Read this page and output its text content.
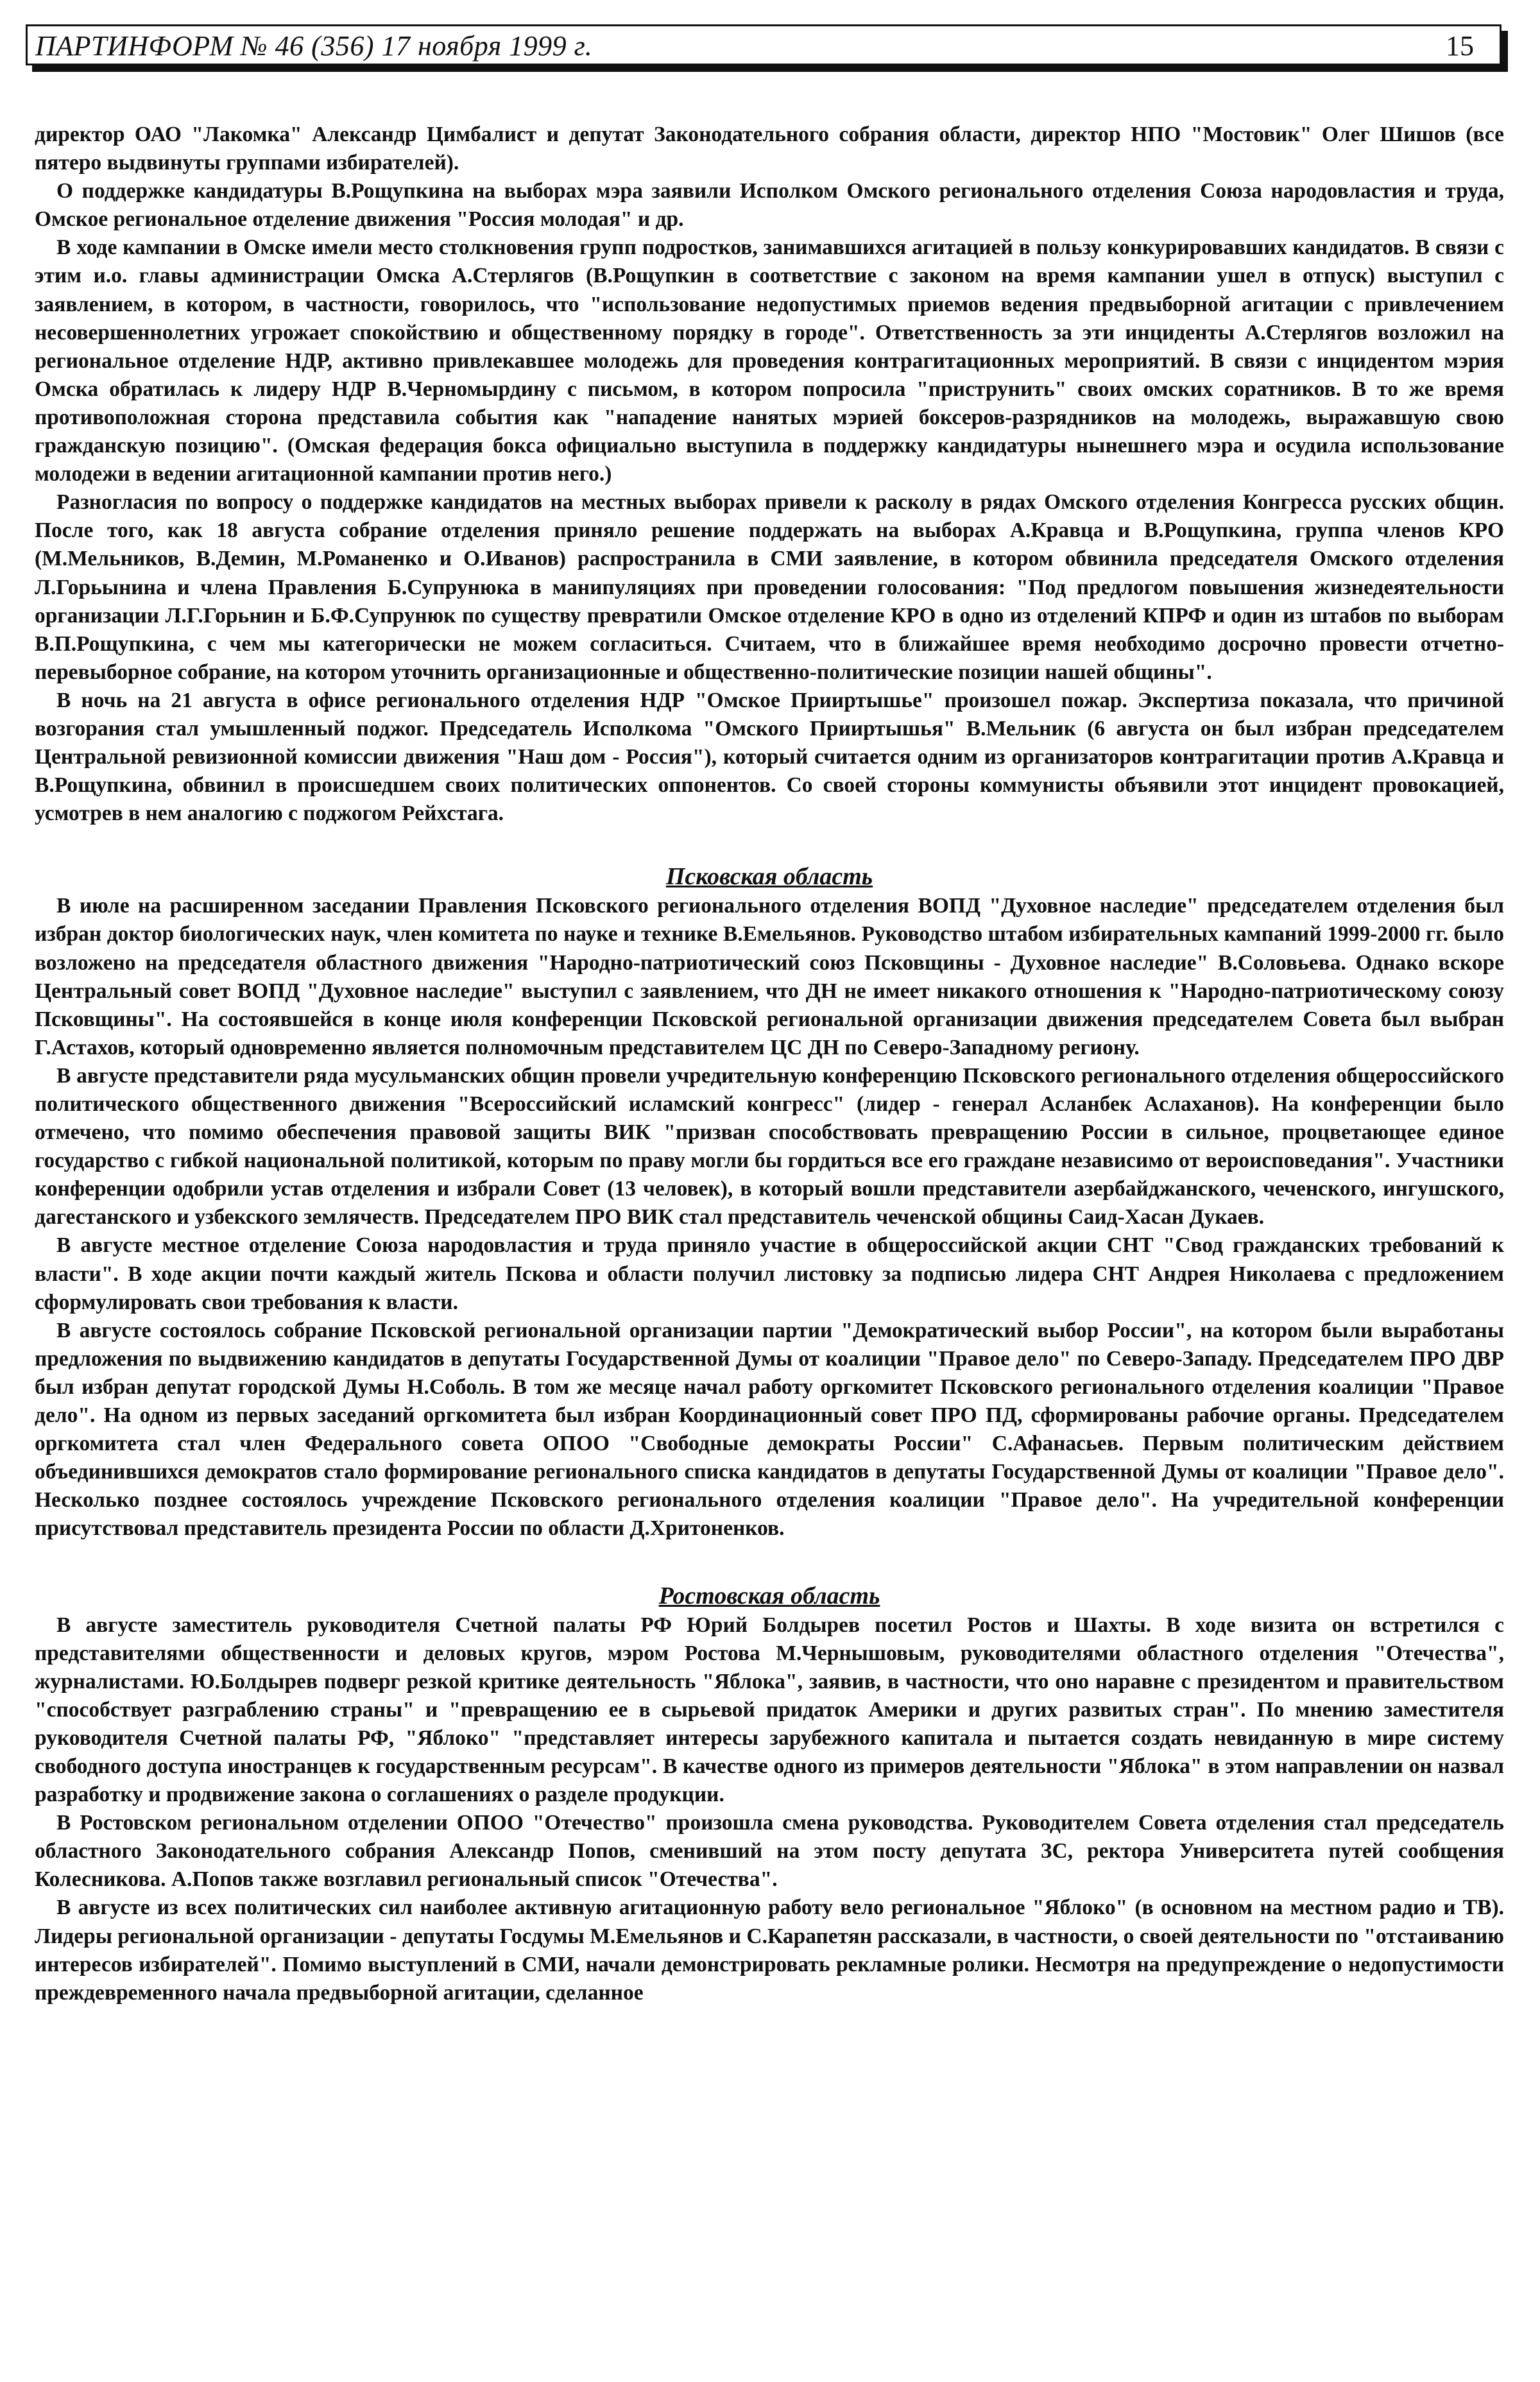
ПАРТИНФОРМ № 46 (356) 17 ноября 1999 г.	15

директор ОАО "Лакомка" Александр Цимбалист и депутат Законодательного собрания области, директор НПО "Мостовик" Олег Шишов (все пятеро выдвинуты группами избирателей).

О поддержке кандидатуры В.Рощупкина на выборах мэра заявили Исполком Омского регионального отделения Союза народовластия и труда, Омское региональное отделение движения "Россия молодая" и др.

В ходе кампании в Омске имели место столкновения групп подростков, занимавшихся агитацией в пользу конкурировавших кандидатов. В связи с этим и.о. главы администрации Омска А.Стерлягов (В.Рощупкин в соответствие с законом на время кампании ушел в отпуск) выступил с заявлением, в котором, в частности, говорилось, что "использование недопустимых приемов ведения предвыборной агитации с привлечением несовершеннолетних угрожает спокойствию и общественному порядку в городе". Ответственность за эти инциденты А.Стерлягов возложил на региональное отделение НДР, активно привлекавшее молодежь для проведения контрагитационных мероприятий. В связи с инцидентом мэрия Омска обратилась к лидеру НДР В.Черномырдину с письмом, в котором попросила "приструнить" своих омских соратников. В то же время противоположная сторона представила события как "нападение нанятых мэрией боксеров-разрядников на молодежь, выражавшую свою гражданскую позицию". (Омская федерация бокса официально выступила в поддержку кандидатуры нынешнего мэра и осудила использование молодежи в ведении агитационной кампании против него.)

Разногласия по вопросу о поддержке кандидатов на местных выборах привели к расколу в рядах Омского отделения Конгресса русских общин. После того, как 18 августа собрание отделения приняло решение поддержать на выборах А.Кравца и В.Рощупкина, группа членов КРО (М.Мельников, В.Демин, М.Романенко и О.Иванов) распространила в СМИ заявление, в котором обвинила председателя Омского отделения Л.Горьынина и члена Правления Б.Супрунюка в манипуляциях при проведении голосования: "Под предлогом повышения жизнедеятельности организации Л.Г.Горьнин и Б.Ф.Супрунюк по существу превратили Омское отделение КРО в одно из отделений КПРФ и один из штабов по выборам В.П.Рощупкина, с чем мы категорически не можем согласиться. Считаем, что в ближайшее время необходимо досрочно провести отчетно-перевыборное собрание, на котором уточнить организационные и общественно-политические позиции нашей общины".

В ночь на 21 августа в офисе регионального отделения НДР "Омское Прииртышье" произошел пожар. Экспертиза показала, что причиной возгорания стал умышленный поджог. Председатель Исполкома "Омского Прииртышья" В.Мельник (6 августа он был избран председателем Центральной ревизионной комиссии движения "Наш дом - Россия"), который считается одним из организаторов контрагитации против А.Кравца и В.Рощупкина, обвинил в происшедшем своих политических оппонентов. Со своей стороны коммунисты объявили этот инцидент провокацией, усмотрев в нем аналогию с поджогом Рейхстага.

Псковская область

В июле на расширенном заседании Правления Псковского регионального отделения ВОПД "Духовное наследие" председателем отделения был избран доктор биологических наук, член комитета по науке и технике В.Емельянов. Руководство штабом избирательных кампаний 1999-2000 гг. было возложено на председателя областного движения "Народно-патриотический союз Псковщины - Духовное наследие" В.Соловьева. Однако вскоре Центральный совет ВОПД "Духовное наследие" выступил с заявлением, что ДН не имеет никакого отношения к "Народно-патриотическому союзу Псковщины". На состоявшейся в конце июля конференции Псковской региональной организации движения председателем Совета был выбран Г.Астахов, который одновременно является полномочным представителем ЦС ДН по Северо-Западному региону.

В августе представители ряда мусульманских общин провели учредительную конференцию Псковского регионального отделения общероссийского политического общественного движения "Всероссийский исламский конгресс" (лидер - генерал Асланбек Аслаханов). На конференции было отмечено, что помимо обеспечения правовой защиты ВИК "призван способствовать превращению России в сильное, процветающее единое государство с гибкой национальной политикой, которым по праву могли бы гордиться все его граждане независимо от вероисповедания". Участники конференции одобрили устав отделения и избрали Совет (13 человек), в который вошли представители азербайджанского, чеченского, ингушского, дагестанского и узбекского землячеств. Председателем ПРО ВИК стал представитель чеченской общины Саид-Хасан Дукаев.

В августе местное отделение Союза народовластия и труда приняло участие в общероссийской акции СНТ "Свод гражданских требований к власти". В ходе акции почти каждый житель Пскова и области получил листовку за подписью лидера СНТ Андрея Николаева с предложением сформулировать свои требования к власти.

В августе состоялось собрание Псковской региональной организации партии "Демократический выбор России", на котором были выработаны предложения по выдвижению кандидатов в депутаты Государственной Думы от коалиции "Правое дело" по Северо-Западу. Председателем ПРО ДВР был избран депутат городской Думы Н.Соболь. В том же месяце начал работу оргкомитет Псковского регионального отделения коалиции "Правое дело". На одном из первых заседаний оргкомитета был избран Координационный совет ПРО ПД, сформированы рабочие органы. Председателем оргкомитета стал член Федерального совета ОПОО "Свободные демократы России" С.Афанасьев. Первым политическим действием объединившихся демократов стало формирование регионального списка кандидатов в депутаты Государственной Думы от коалиции "Правое дело". Несколько позднее состоялось учреждение Псковского регионального отделения коалиции "Правое дело". На учредительной конференции присутствовал представитель президента России по области Д.Хритоненков.

Ростовская область

В августе заместитель руководителя Счетной палаты РФ Юрий Болдырев посетил Ростов и Шахты. В ходе визита он встретился с представителями общественности и деловых кругов, мэром Ростова М.Чернышовым, руководителями областного отделения "Отечества", журналистами. Ю.Болдырев подверг резкой критике деятельность "Яблока", заявив, в частности, что оно наравне с президентом и правительством "способствует разграблению страны" и "превращению ее в сырьевой придаток Америки и других развитых стран". По мнению заместителя руководителя Счетной палаты РФ, "Яблоко" "представляет интересы зарубежного капитала и пытается создать невиданную в мире систему свободного доступа иностранцев к государственным ресурсам". В качестве одного из примеров деятельности "Яблока" в этом направлении он назвал разработку и продвижение закона о соглашениях о разделе продукции.

В Ростовском региональном отделении ОПОО "Отечество" произошла смена руководства. Руководителем Совета отделения стал председатель областного Законодательного собрания Александр Попов, сменивший на этом посту депутата ЗС, ректора Университета путей сообщения Колесникова. А.Попов также возглавил региональный список "Отечества".

В августе из всех политических сил наиболее активную агитационную работу вело региональное "Яблоко" (в основном на местном радио и ТВ). Лидеры региональной организации - депутаты Госдумы М.Емельянов и С.Карапетян рассказали, в частности, о своей деятельности по "отстаиванию интересов избирателей". Помимо выступлений в СМИ, начали демонстрировать рекламные ролики. Несмотря на предупреждение о недопустимости преждевременного начала предвыборной агитации, сделанное
